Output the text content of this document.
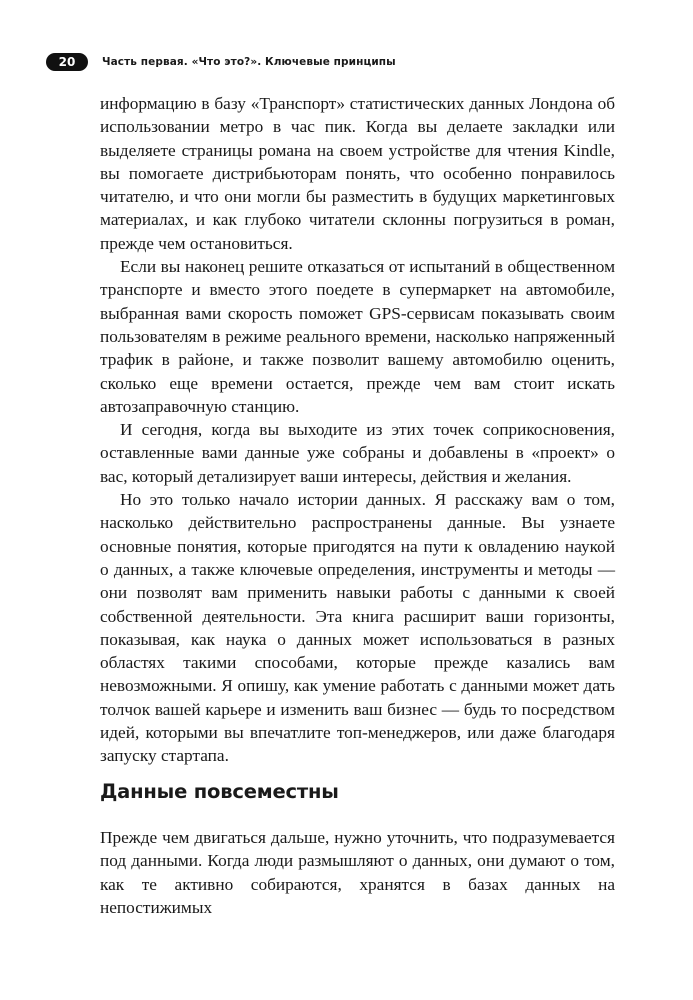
20	Часть первая. «Что это?». Ключевые принципы

информацию в базу «Транспорт» статистических данных Лондона об использовании метро в час пик. Когда вы делаете закладки или выделяете страницы романа на своем устройстве для чтения Kindle, вы помогаете дистрибьюторам понять, что особенно понравилось читателю, и что они могли бы разместить в будущих маркетинговых материалах, и как глубоко читатели склонны погрузиться в роман, прежде чем остановиться.

Если вы наконец решите отказаться от испытаний в общественном транспорте и вместо этого поедете в супермаркет на автомобиле, выбранная вами скорость поможет GPS-сервисам показывать своим пользователям в режиме реального времени, насколько напряженный трафик в районе, и также позволит вашему автомобилю оценить, сколько еще времени остается, прежде чем вам стоит искать автозаправочную станцию.

И сегодня, когда вы выходите из этих точек соприкосновения, оставленные вами данные уже собраны и добавлены в «проект» о вас, который детализирует ваши интересы, действия и желания.

Но это только начало истории данных. Я расскажу вам о том, насколько действительно распространены данные. Вы узнаете основные понятия, которые пригодятся на пути к овладению наукой о данных, а также ключевые определения, инструменты и методы — они позволят вам применить навыки работы с данными к своей собственной деятельности. Эта книга расширит ваши горизонты, показывая, как наука о данных может использоваться в разных областях такими способами, которые прежде казались вам невозможными. Я опишу, как умение работать с данными может дать толчок вашей карьере и изменить ваш бизнес — будь то посредством идей, которыми вы впечатлите топ-менеджеров, или даже благодаря запуску стартапа.

Данные повсеместны

Прежде чем двигаться дальше, нужно уточнить, что подразумевается под данными. Когда люди размышляют о данных, они думают о том, как те активно собираются, хранятся в базах данных на непостижимых
